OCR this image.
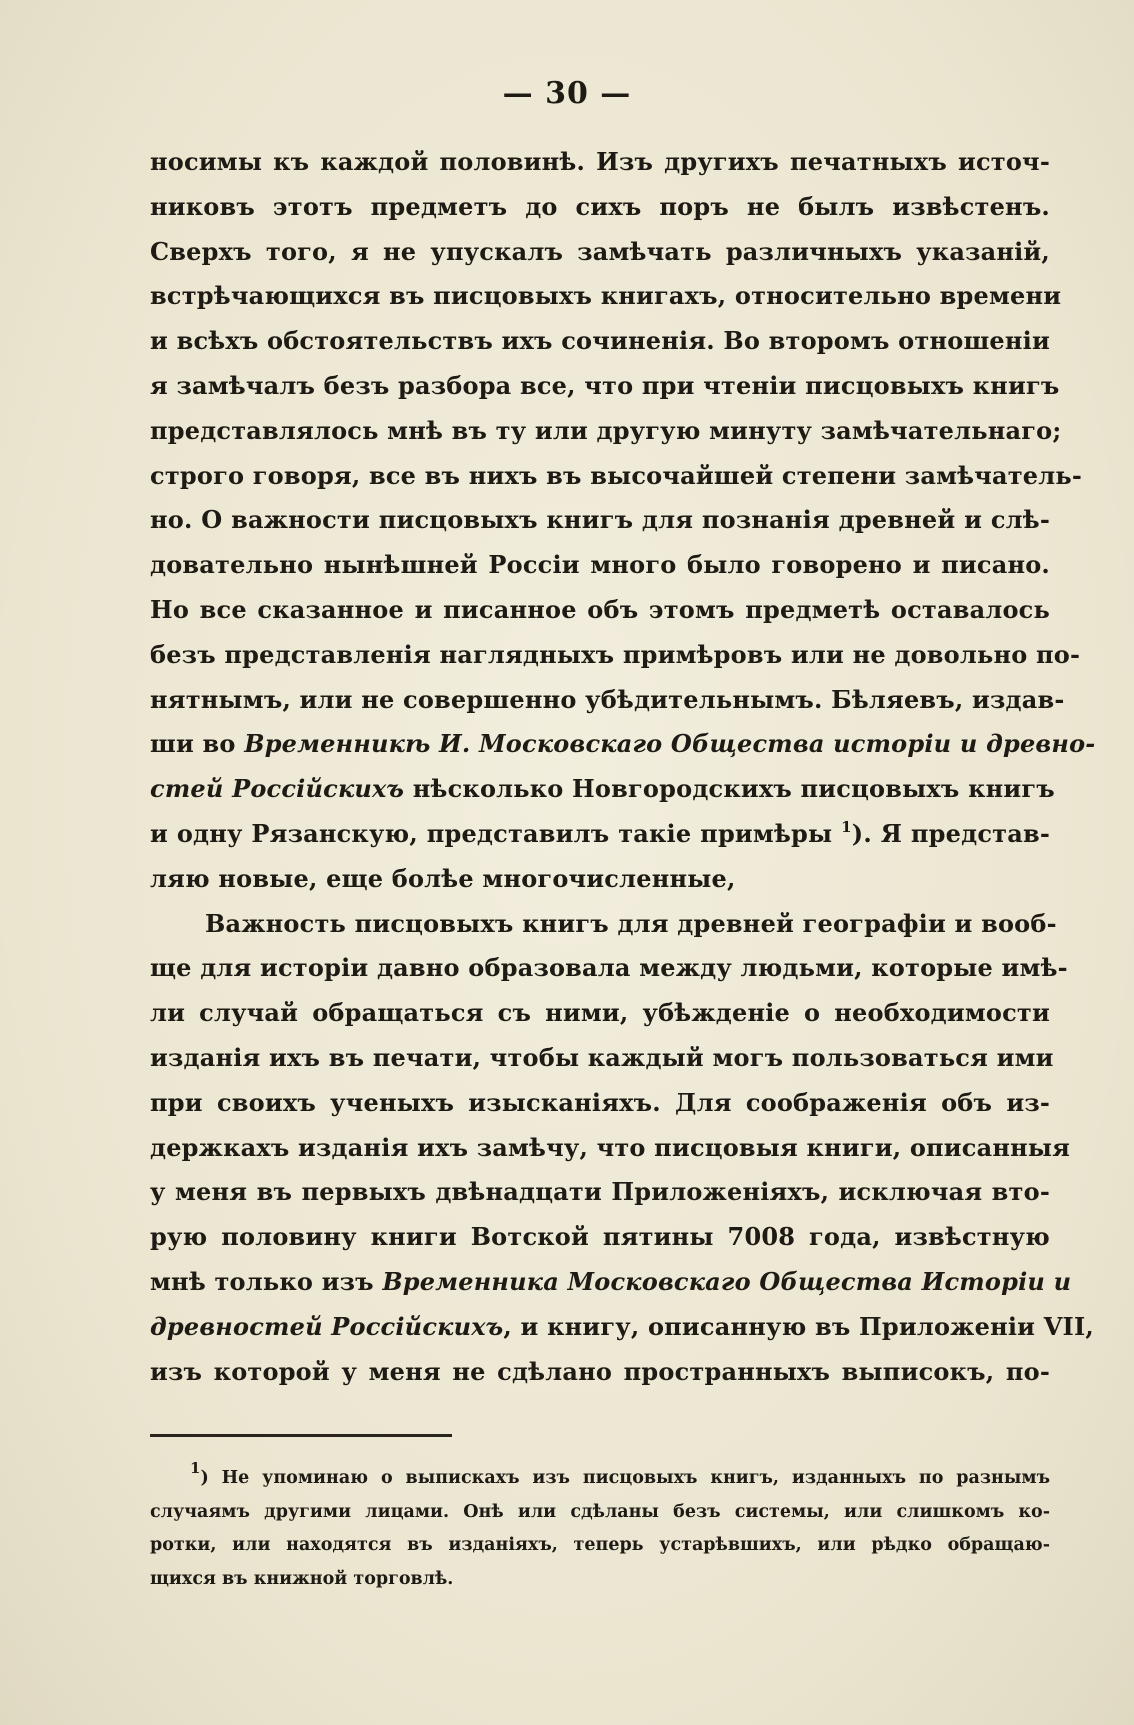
— 30 —
носимы къ каждой половинѣ. Изъ другихъ печатныхъ источ-
никовъ этотъ предметъ до сихъ поръ не былъ извѣстенъ.
Сверхъ того, я не упускалъ замѣчать различныхъ указаній,
встрѣчающихся въ писцовыхъ книгахъ, относительно времени
и всѣхъ обстоятельствъ ихъ сочиненія. Во второмъ отношеніи
я замѣчалъ безъ разбора все, что при чтеніи писцовыхъ книгъ
представлялось мнѣ въ ту или другую минуту замѣчательнаго;
строго говоря, все въ нихъ въ высочайшей степени замѣчатель-
но. О важности писцовыхъ книгъ для познанія древней и слѣ-
довательно нынѣшней Россіи много было говорено и писано.
Но все сказанное и писанное объ этомъ предметѣ оставалось
безъ представленія наглядныхъ примѣровъ или не довольно по-
нятнымъ, или не совершенно убѣдительнымъ. Бѣляевъ, издав-
ши во Временникѣ И. Московскаго Общества исторіи и древно-
стей Россійскихъ нѣсколько Новгородскихъ писцовыхъ книгъ
и одну Рязанскую, представилъ такіе примѣры $^1$). Я представ-
ляю новые, еще болѣе многочисленные,
Важность писцовыхъ книгъ для древней географіи и вооб-
ще для исторіи давно образовала между людьми, которые имѣ-
ли случай обращаться съ ними, убѣжденіе о необходимости
изданія ихъ въ печати, чтобы каждый могъ пользоваться ими
при своихъ ученыхъ изысканіяхъ. Для соображенія объ из-
держкахъ изданія ихъ замѣчу, что писцовыя книги, описанныя
у меня въ первыхъ двѣнадцати Приложеніяхъ, исключая вто-
рую половину книги Вотской пятины 7008 года, извѣстную
мнѣ только изъ Временника Московскаго Общества Исторіи и
древностей Россійскихъ, и книгу, описанную въ Приложеніи VII,
изъ которой у меня не сдѣлано пространныхъ выписокъ, по-
$^1$) Не упоминаю о выпискахъ изъ писцовыхъ книгъ, изданныхъ по разнымъ
случаямъ другими лицами. Онѣ или сдѣланы безъ системы, или слишкомъ ко-
ротки, или находятся въ изданіяхъ, теперь устарѣвшихъ, или рѣдко обращаю-
щихся въ книжной торговлѣ.
